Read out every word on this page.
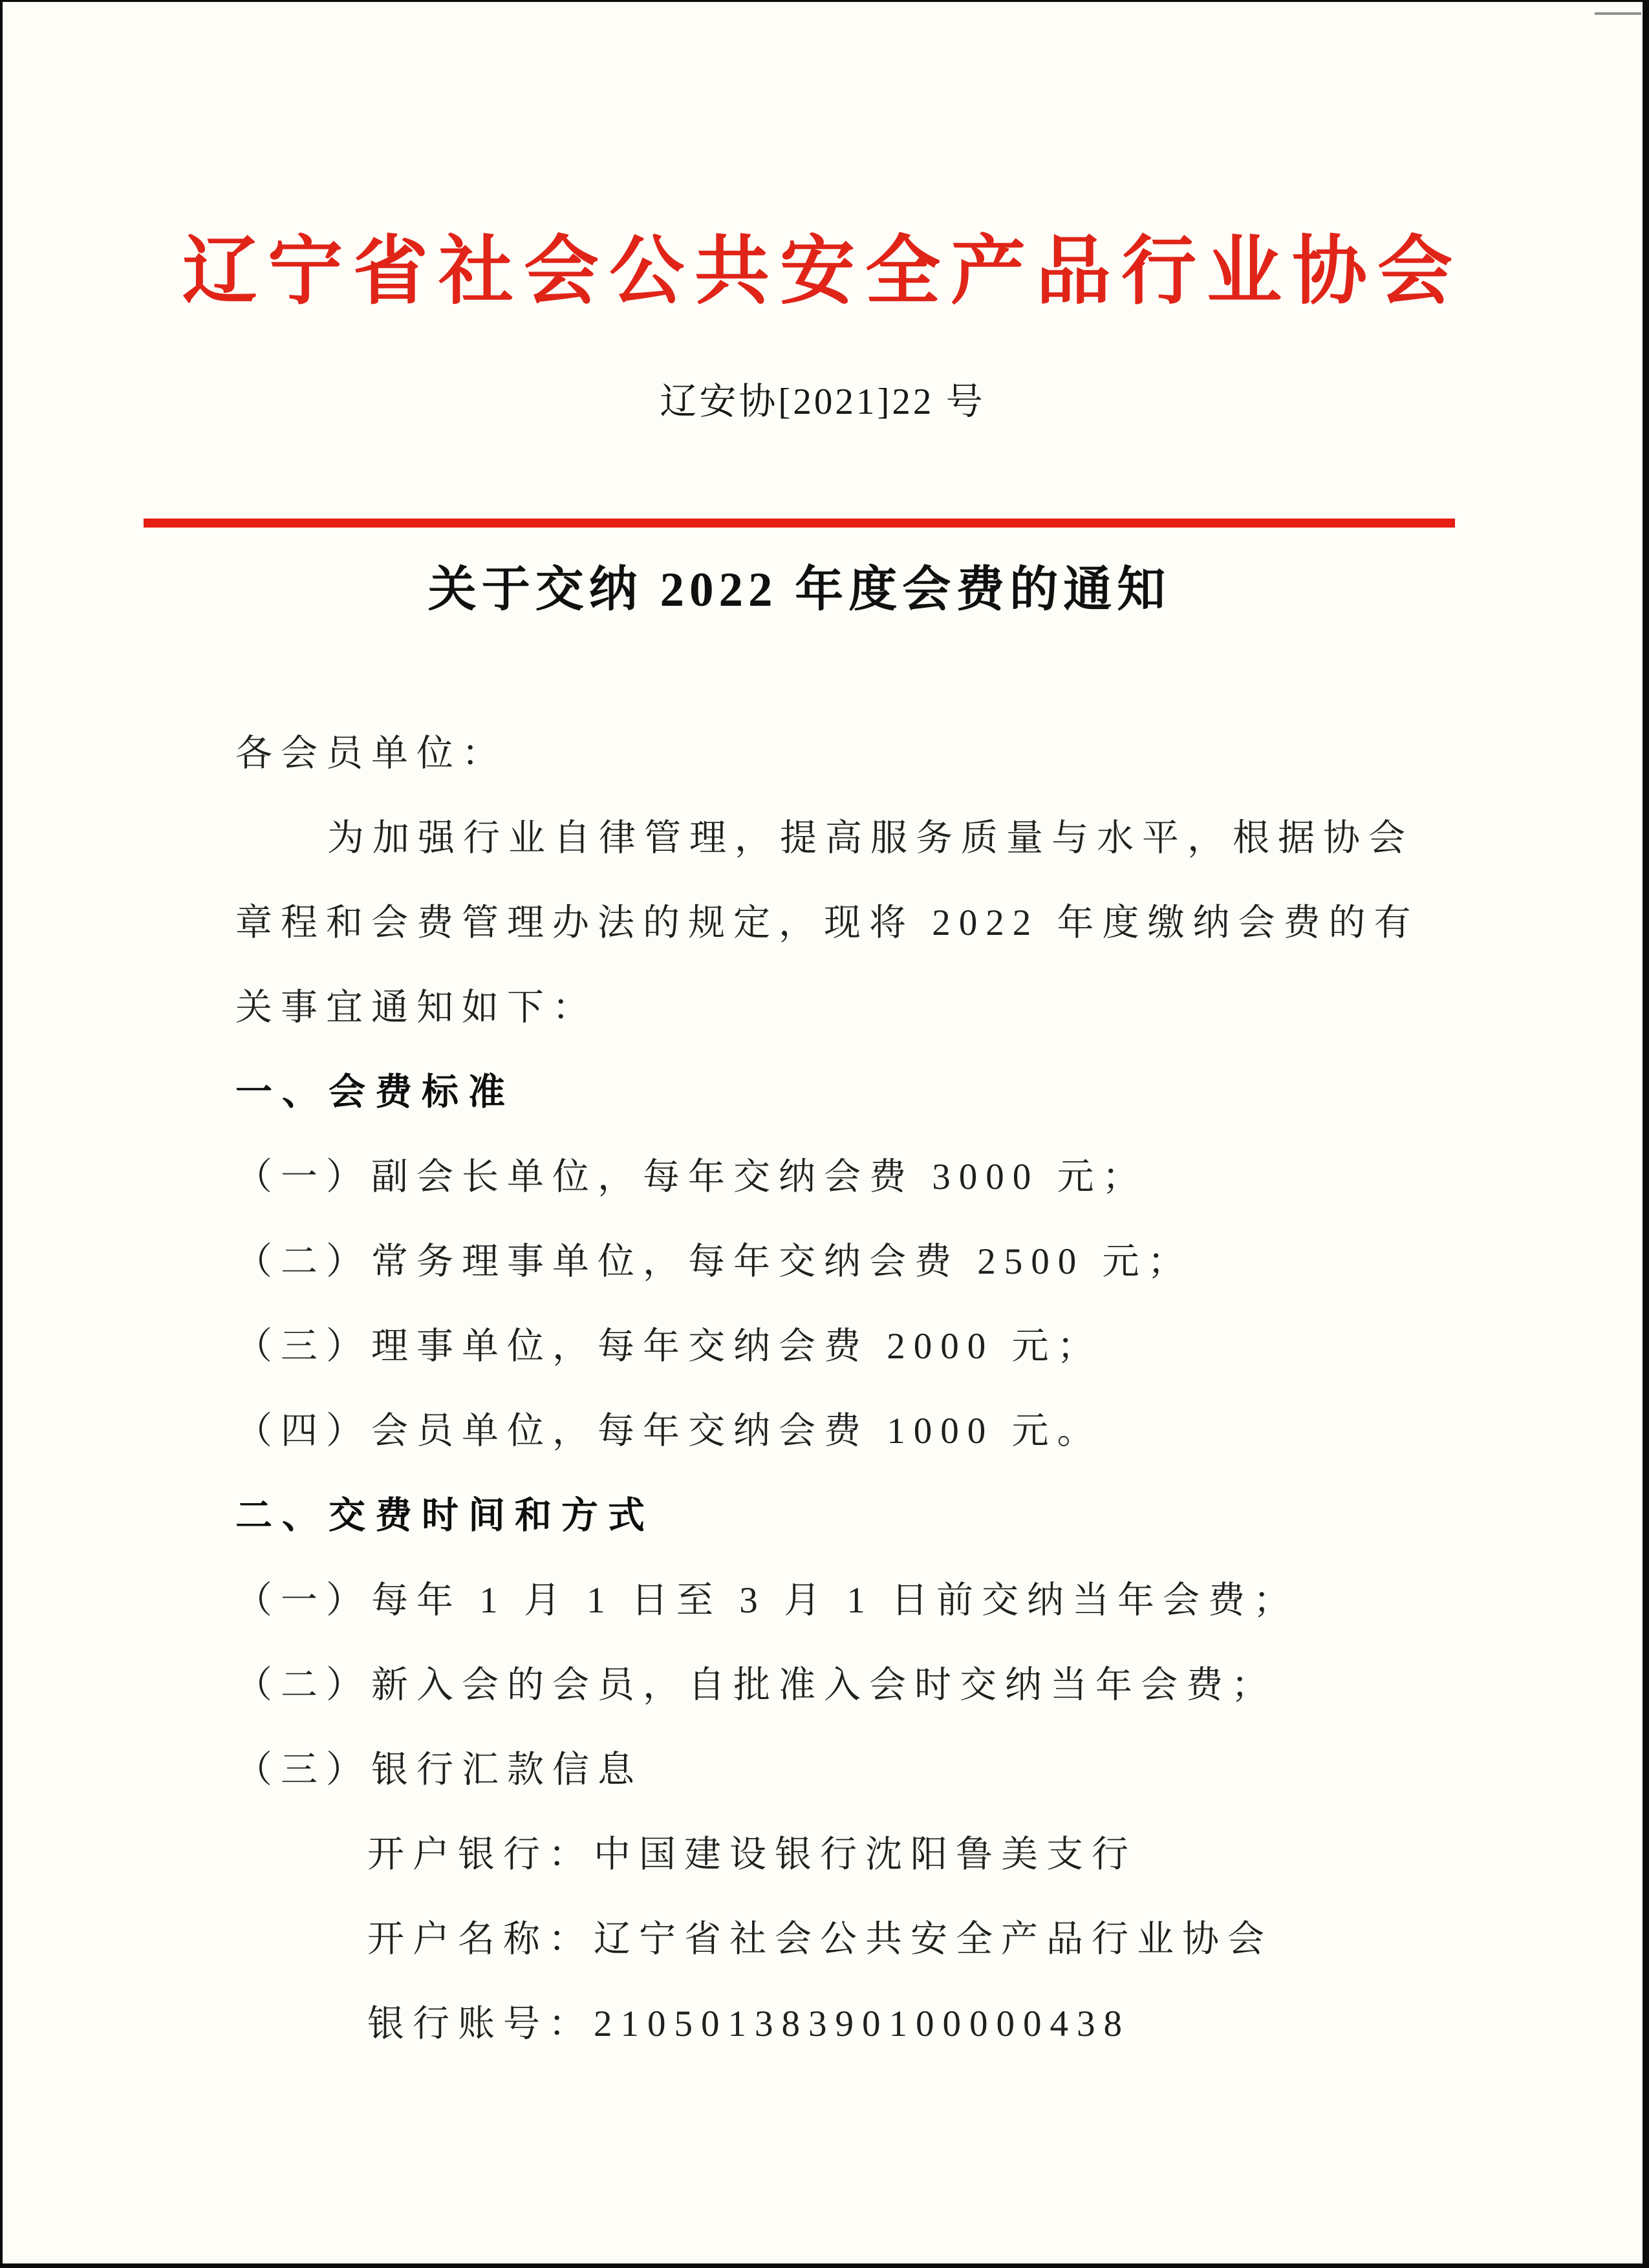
辽宁省社会公共安全产品行业协会
辽安协[2021]22 号
关于交纳 2022 年度会费的通知
各会员单位：
为加强行业自律管理，提高服务质量与水平，根据协会
章程和会费管理办法的规定，现将 2022 年度缴纳会费的有
关事宜通知如下：
一、会费标准
（一）副会长单位，每年交纳会费 3000 元；
（二）常务理事单位，每年交纳会费 2500 元；
（三）理事单位，每年交纳会费 2000 元；
（四）会员单位，每年交纳会费 1000 元。
二、交费时间和方式
（一）每年 1 月 1 日至 3 月 1 日前交纳当年会费；
（二）新入会的会员，自批准入会时交纳当年会费；
（三）银行汇款信息
开户银行：中国建设银行沈阳鲁美支行
开户名称：辽宁省社会公共安全产品行业协会
银行账号：21050138390100000438
